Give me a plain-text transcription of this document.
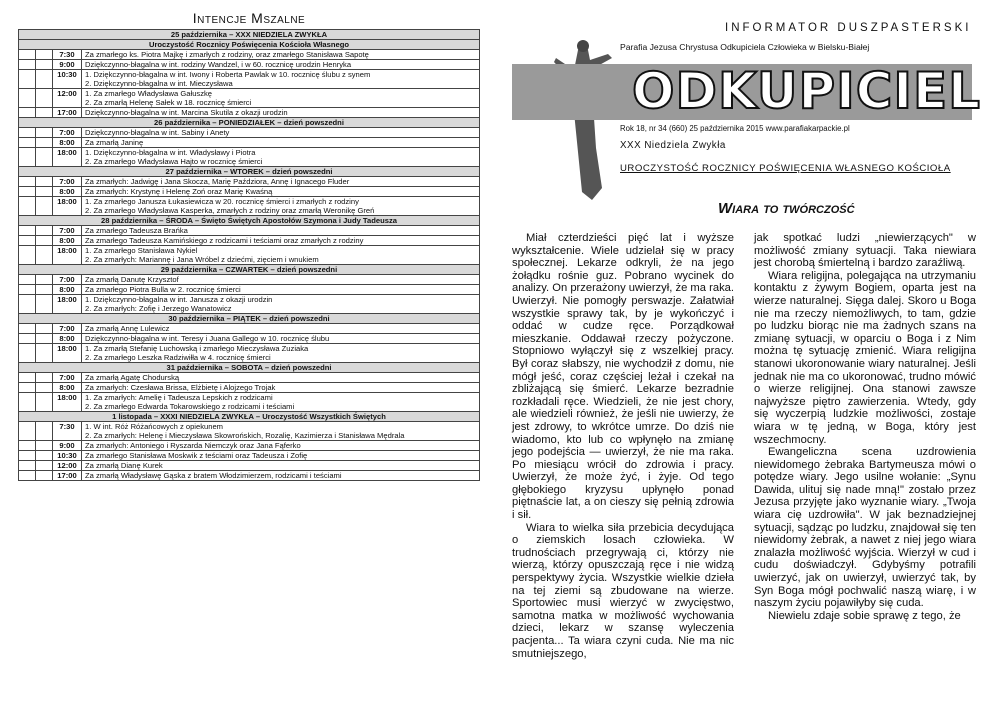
Intencje Mszalne
25 października – XXX NIEDZIELA ZWYKŁA			
Uroczystość Rocznicy Poświęcenia Kościoła Własnego			
		7:30	Za zmarłego ks. Piotra Majkę i zmarłych z rodziny, oraz zmarłego Stanisława Sapotę
		9:00	Dziękczynno-błagalna w int. rodziny Wandzel, i w 60. rocznicę urodzin Henryka
		10:30	1. Dziękczynno-błagalna w int. Iwony i Roberta Pawlak w 10. rocznicę ślubu z synem
2. Dziękczynno-błagalna w int. Mieczysława
		12:00	1. Za zmarłego Władysława Gałuszkę
2. Za zmarłą Helenę Sałek w 18. rocznicę śmierci
		17:00	Dziękczynno-błagalna w int. Marcina Skutila z okazji urodzin
26 października – PONIEDZIAŁEK – dzień powszedni			
		7:00	Dziękczynno-błagalna w int. Sabiny i Anety
		8:00	Za zmarłą Janinę
		18:00	1. Dziękczynno-błagalna w int. Władysławy i Piotra
2. Za zmarłego Władysława Hajto w rocznicę śmierci
27 października – WTOREK – dzień powszedni			
		7:00	Za zmarłych: Jadwigę i Jana Skocza, Marię Paździora, Annę i Ignacego Fluder
		8:00	Za zmarłych: Krystynę i Helenę Zoń oraz Marię Kwaśną
		18:00	1. Za zmarłego Janusza Łukasiewicza w 20. rocznicę śmierci i zmarłych z rodziny
2. Za zmarłego Władysława Kasperka, zmarłych z rodziny oraz zmarłą Weronikę Greń
28 października – ŚRODA – Święto Świętych Apostołów Szymona i Judy Tadeusza			
		7:00	Za zmarłego Tadeusza Brańka
		8:00	Za zmarłego Tadeusza Kamińskiego z rodzicami i teściami oraz zmarłych z rodziny
		18:00	1. Za zmarłego Stanisława Nykiel
2. Za zmarłych: Mariannę i Jana Wróbel z dziećmi, zięciem i wnukiem
29 października – CZWARTEK – dzień powszedni			
		7:00	Za zmarłą Danutę Krzysztof
		8:00	Za zmarłego Piotra Bulla w 2. rocznicę śmierci
		18:00	1. Dziękczynno-błagalna w int. Janusza z okazji urodzin
2. Za zmarłych: Zofię i Jerzego Wanatowicz
30 października – PIĄTEK – dzień powszedni			
		7:00	Za zmarłą Annę Lulewicz
		8:00	Dziękczynno-błagalna w int. Teresy i Juana Gallego w 10. rocznicę ślubu
		18:00	1. Za zmarłą Stefanię Luchowską i zmarłego Mieczysława Zuziaka
2. Za zmarłego Leszka Radziwiłła w 4. rocznicę śmierci
31 października – SOBOTA – dzień powszedni			
		7:00	Za zmarłą Agatę Chodurską
		8:00	Za zmarłych: Czesława Brissa, Elżbietę i Alojzego Trojak
		18:00	1. Za zmarłych: Amelię i Tadeusza Lepskich z rodzicami
2. Za zmarłego Edwarda Tokarowskiego z rodzicami i teściami
1 listopada – XXXI NIEDZIELA ZWYKŁA – Uroczystość Wszystkich Świętych			
		7:30	1. W int. Róż Różańcowych z opiekunem
2. Za zmarłych: Helenę i Mieczysława Skowrońskich, Rozalię, Kazimierza i Stanisława Mędrala
		9:00	Za zmarłych: Antoniego i Ryszarda Niemczyk oraz Jana Fąferko
		10:30	Za zmarłego Stanisława Moskwik z teściami oraz Tadeusza i Zofię
		12:00	Za zmarłą Dianę Kurek
		17:00	Za zmarłą Władysławę Gąska z bratem Włodzimierzem, rodzicami i teściami
INFORMATOR DUSZPASTERSKI
Parafia Jezusa Chrystusa Odkupiciela Człowieka w Bielsku-Białej
ODKUPICIEL
Rok 18, nr 34 (660) 25 października 2015 www.parafiakarpackie.pl
XXX Niedziela Zwykła
UROCZYSTOŚĆ ROCZNICY POŚWIĘCENIA WŁASNEGO KOŚCIOŁA
Wiara to twórczość

Miał czterdzieści pięć lat i wyższe wykształcenie. Wiele udzielał się w pracy społecznej. Lekarze odkryli, że na jego żołądku rośnie guz. Pobrano wycinek do analizy. On przerażony uwierzył, że ma raka. Uwierzył. Nie pomogły perswazje. Załatwiał wszystkie sprawy tak, by je wykończyć i oddać w cudze ręce. Porządkował mieszkanie. Oddawał rzeczy pożyczone. Stopniowo wyłączył się z wszelkiej pracy. Był coraz słabszy, nie wychodził z domu, nie mógł jeść, coraz częściej leżał i czekał na zbliżającą się śmierć. Lekarze bezradnie rozkładali ręce. Wiedzieli, że nie jest chory, ale wiedzieli również, że jeśli nie uwierzy, że jest zdrowy, to wkrótce umrze. Do dziś nie wiadomo, kto lub co wpłynęło na zmianę jego podejścia — uwierzył, że nie ma raka. Po miesiącu wrócił do zdrowia i pracy. Uwierzył, że może żyć, i żyje. Od tego głębokiego kryzysu upłynęło ponad piętnaście lat, a on cieszy się pełnią zdrowia i sił.

Wiara to wielka siła przebicia decydująca o ziemskich losach człowieka. W trudnościach przegrywają ci, którzy nie wierzą, którzy opuszczają ręce i nie widzą perspektywy życia. Wszystkie wielkie dzieła na tej ziemi są zbudowane na wierze. Sportowiec musi wierzyć w zwycięstwo, samotna matka w możliwość wychowania dzieci, lekarz w szansę wyleczenia pacjenta... Ta wiara czyni cuda. Nie ma nic smutniejszego,

jak spotkać ludzi „niewierzących" w możliwość zmiany sytuacji. Taka niewiara jest chorobą śmiertelną i bardzo zaraźliwą.

Wiara religijna, polegająca na utrzymaniu kontaktu z żywym Bogiem, oparta jest na wierze naturalnej. Sięga dalej. Skoro u Boga nie ma rzeczy niemożliwych, to tam, gdzie po ludzku biorąc nie ma żadnych szans na zmianę sytuacji, w oparciu o Boga i z Nim można tę sytuację zmienić. Wiara religijna stanowi ukoronowanie wiary naturalnej. Jeśli jednak nie ma co ukoronować, trudno mówić o wierze religijnej. Ona stanowi zawsze najwyższe piętro zawierzenia. Wtedy, gdy się wyczerpią ludzkie możliwości, zostaje wiara w tę jedną, w Boga, który jest wszechmocny.

Ewangeliczna scena uzdrowienia niewidomego żebraka Bartymeusza mówi o potędze wiary. Jego usilne wołanie: „Synu Dawida, ulituj się nade mną!" zostało przez Jezusa przyjęte jako wyznanie wiary. „Twoja wiara cię uzdrowiła". W jak beznadziejnej sytuacji, sądząc po ludzku, znajdował się ten niewidomy żebrak, a nawet z niej jego wiara znalazła możliwość wyjścia. Wierzył w cud i cudu doświadczył. Gdybyśmy potrafili uwierzyć, jak on uwierzył, uwierzyć tak, by Syn Boga mógł pochwalić naszą wiarę, i w naszym życiu pojawiłyby się cuda.

Niewielu zdaje sobie sprawę z tego, że
